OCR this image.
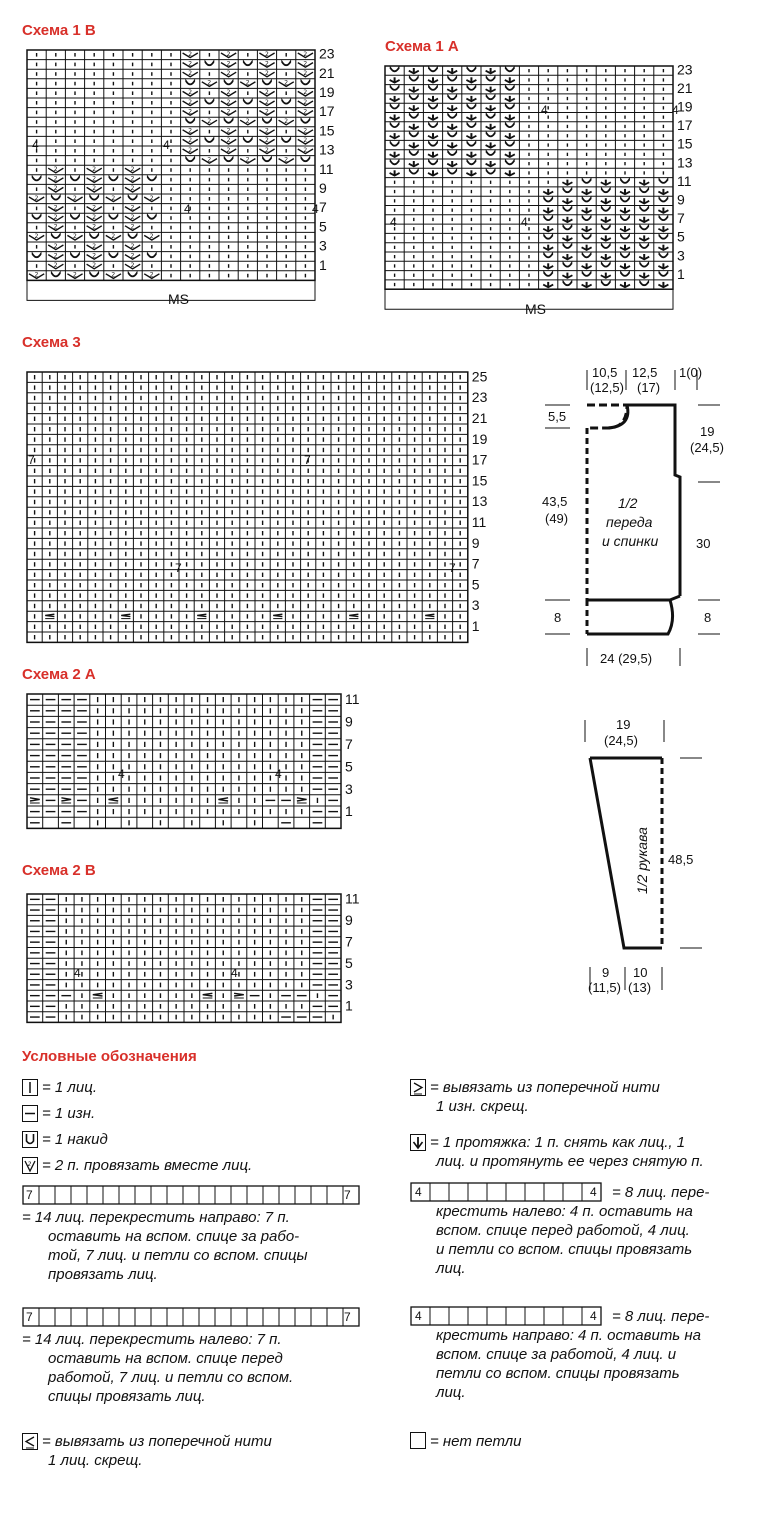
Схема 1 В
2
2
2
2
2
2
2
2
2
2
2
2
2
2
2
2
2
2
2
2
2
2
2
2
2
2
2
2
2
2
2
2
2
2
2
2
2
2
2
2
2
2
2
2
2
2
2
2
2
2
2
2
2
2
2
2
2
2
2
2
2
2
2
2
2
2
2
2
2
2
2
2
2
2
2
2
2
2
2
2
2
2
2
2
4	4
4	4
MS
23
21
19
17
15
13
11
9
7
5
3
1
Схема 1 А
4	4
4	4
MS
23
21
19
17
15
13
11
9
7
5
3
1
Схема 3
7	7
7	7
25
23
21
19
17
15
13
11
9
7
5
3
1
Схема 2 А
4	4
11
9
7
5
3
1
Схема 2 В
4	4
11
9
7
5
3
1
10,5
(12,5)
12,5
(17)
1(0)
5,5
19
(24,5)
43,5
(49)
1/2
переда
и спинки	30
8	8
24 (29,5)
19
(24,5)
1/2 рукава 48,5
9
(11,5)
10
(13)
Условные обозначения
= 1 лиц.
= 1 изн.
= 1 накид
2 = 2 п. провязать вместе лиц.
7	7
= 14 лиц. перекрестить направо: 7 п.
оставить на вспом. спице за рабо-
той, 7 лиц. и петли со вспом. спицы
провязать лиц.
7	7
= 14 лиц. перекрестить налево: 7 п.
оставить на вспом. спице перед
работой, 7 лиц. и петли со вспом.
спицы провязать лиц.
= вывязать из поперечной нити
1 лиц. скрещ.
= вывязать из поперечной нити
1 изн. скрещ.
= 1 протяжка: 1 п. снять как лиц., 1
лиц. и протянуть ее через снятую п.
4	4	= 8 лиц. пере-
крестить налево: 4 п. оставить на
вспом. спице перед работой, 4 лиц.
и петли со вспом. спицы провязать
лиц.
4	4	= 8 лиц. пере-
крестить направо: 4 п. оставить на
вспом. спице за работой, 4 лиц. и
петли со вспом. спицы провязать
лиц.
= нет петли
